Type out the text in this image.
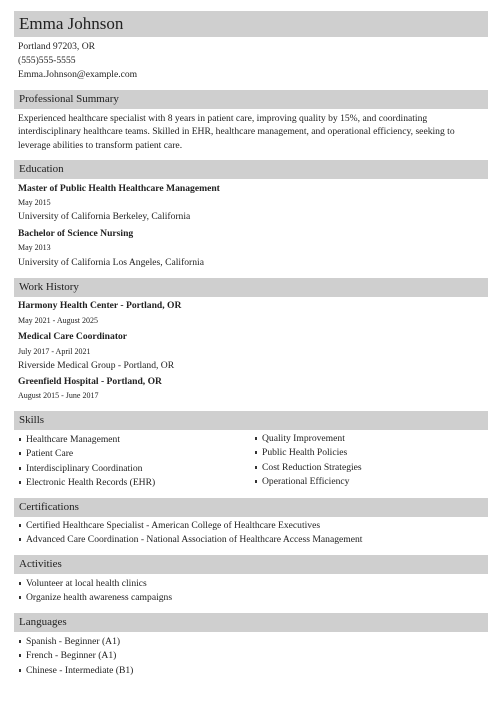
Emma Johnson
Portland 97203, OR
(555)555-5555
Emma.Johnson@example.com
Professional Summary
Experienced healthcare specialist with 8 years in patient care, improving quality by 15%, and coordinating interdisciplinary healthcare teams. Skilled in EHR, healthcare management, and operational efficiency, seeking to leverage abilities to transform patient care.
Education
Master of Public Health Healthcare Management
May 2015
University of California Berkeley, California
Bachelor of Science Nursing
May 2013
University of California Los Angeles, California
Work History
Harmony Health Center - Portland, OR
May 2021 - August 2025
Medical Care Coordinator
July 2017 - April 2021
Riverside Medical Group - Portland, OR
Greenfield Hospital - Portland, OR
August 2015 - June 2017
Skills
Healthcare Management
Patient Care
Interdisciplinary Coordination
Electronic Health Records (EHR)
Quality Improvement
Public Health Policies
Cost Reduction Strategies
Operational Efficiency
Certifications
Certified Healthcare Specialist - American College of Healthcare Executives
Advanced Care Coordination - National Association of Healthcare Access Management
Activities
Volunteer at local health clinics
Organize health awareness campaigns
Languages
Spanish - Beginner (A1)
French - Beginner (A1)
Chinese - Intermediate (B1)
